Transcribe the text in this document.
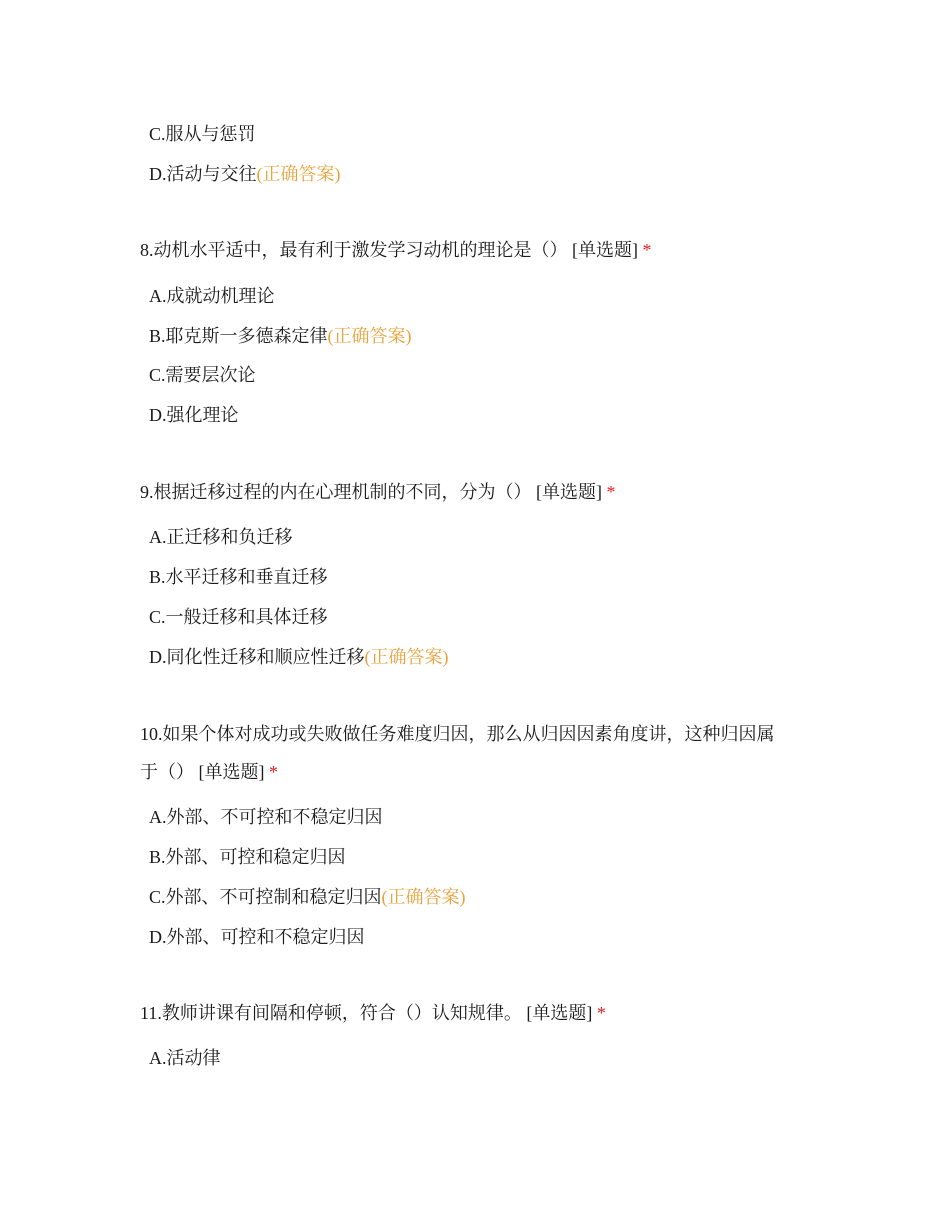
C.服从与惩罚
D.活动与交往(正确答案)
8.动机水平适中，最有利于激发学习动机的理论是（） [单选题] *
A.成就动机理论
B.耶克斯一多德森定律(正确答案)
C.需要层次论
D.强化理论
9.根据迁移过程的内在心理机制的不同，分为（） [单选题] *
A.正迁移和负迁移
B.水平迁移和垂直迁移
C.一般迁移和具体迁移
D.同化性迁移和顺应性迁移(正确答案)
10.如果个体对成功或失败做任务难度归因，那么从归因因素角度讲，这种归因属
于（） [单选题] *
A.外部、不可控和不稳定归因
B.外部、可控和稳定归因
C.外部、不可控制和稳定归因(正确答案)
D.外部、可控和不稳定归因
11.教师讲课有间隔和停顿，符合（）认知规律。 [单选题] *
A.活动律
